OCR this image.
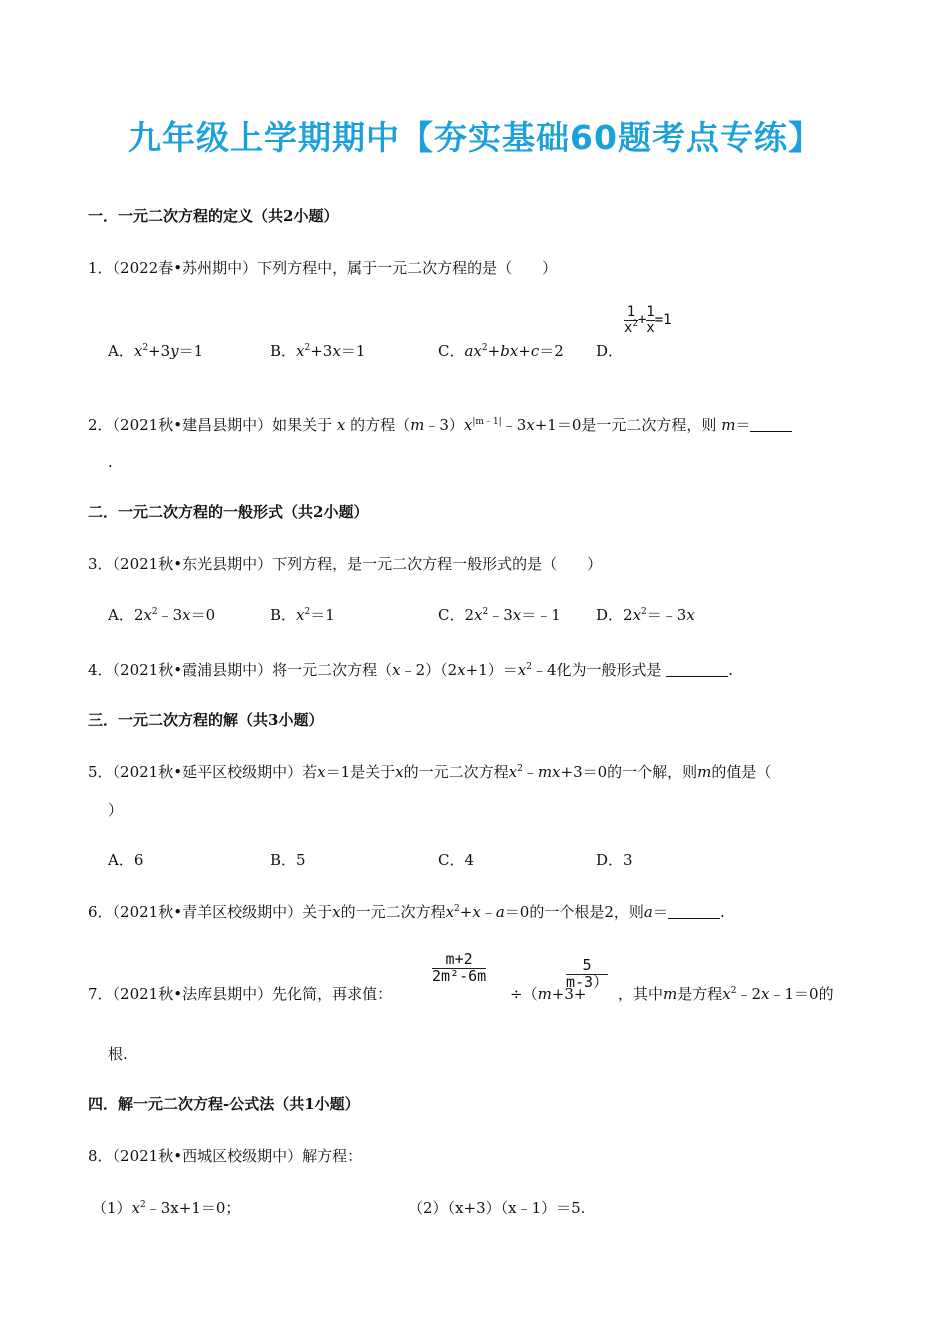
九年级上学期期中【夯实基础60题考点专练】
一．一元二次方程的定义（共2小题）
1．（2022春•苏州期中）下列方程中，属于一元二次方程的是（　　）
A．$x^2+3y=1$	B．$x^2+3x=1$	C．$ax^2+bx+c=2$ D．
$\frac{1}{x^2} + \frac{1}{x} =1$
2．（2021秋•建昌县期中）如果关于 x 的方程$(m﹣3)x^{|m﹣1|}﹣3x+1=0$是一元二次方程，则 m＝
.
二．一元二次方程的一般形式（共2小题）
3．（2021秋•东光县期中）下列方程，是一元二次方程一般形式的是（　　）
A．$2x^2﹣3x=0$	B．$x^2=1$	C．$2x^2﹣3x=﹣1$ D．$2x^2=﹣3x$
4．（2021秋•霞浦县期中）将一元二次方程$(x﹣2)(2x+1)=x^2﹣4$化为一般形式是	.
三．一元二次方程的解（共3小题）
5．（2021秋•延平区校级期中）若x＝1是关于x的一元二次方程$x^2﹣mx+3=0$的一个解，则m的值是（
）
A．6	B．5	C．4	D．3
6．（2021秋•青羊区校级期中）关于x的一元二次方程$x^2+x﹣a=0$的一个根是2，则a＝	.
7．（2021秋•法库县期中）先化简，再求值：
$\frac{m+2}{\text{2m²-6m}}$
÷（m+3+
$\frac{5}{m-3)}$
，其中m是方程$x^2﹣2x﹣1=0$的
根.
四．解一元二次方程-公式法（共1小题）
8．（2021秋•西城区校级期中）解方程：
$(1)x^2﹣3x+1=0$；	（2）（x+3）（x﹣1）＝5.
